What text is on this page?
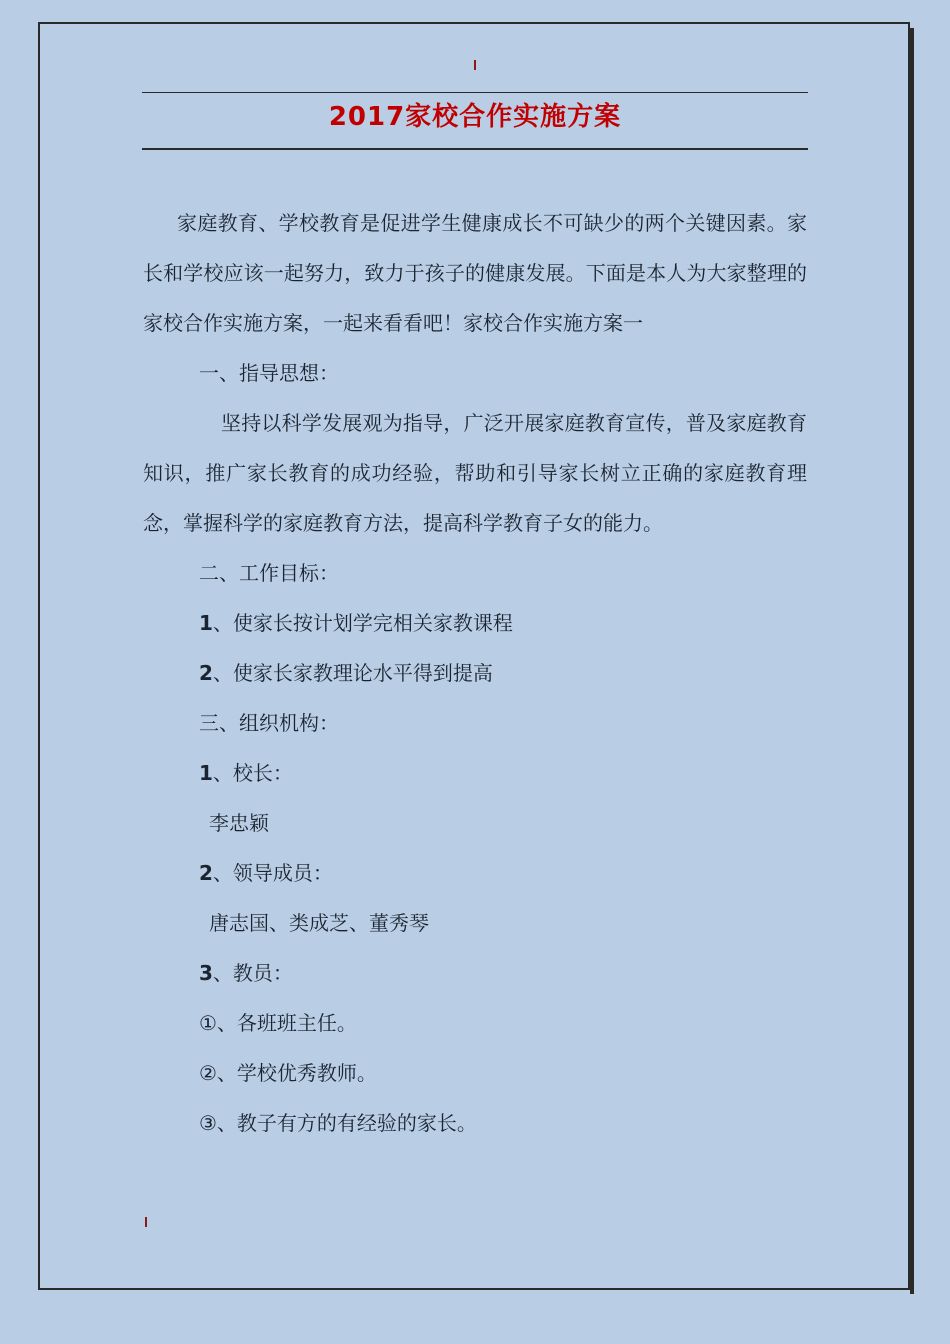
2017家校合作实施方案

家庭教育、学校教育是促进学生健康成长不可缺少的两个关键因素。家长和学校应该一起努力，致力于孩子的健康发展。下面是本人为大家整理的家校合作实施方案，一起来看看吧！家校合作实施方案一

一、指导思想：

坚持以科学发展观为指导，广泛开展家庭教育宣传，普及家庭教育知识，推广家长教育的成功经验，帮助和引导家长树立正确的家庭教育理念，掌握科学的家庭教育方法，提高科学教育子女的能力。

二、工作目标：

1、使家长按计划学完相关家教课程

2、使家长家教理论水平得到提高

三、组织机构：

1、校长：

李忠颖

2、领导成员：

唐志国、类成芝、董秀琴

3、教员：

①、各班班主任。

②、学校优秀教师。

③、教子有方的有经验的家长。
